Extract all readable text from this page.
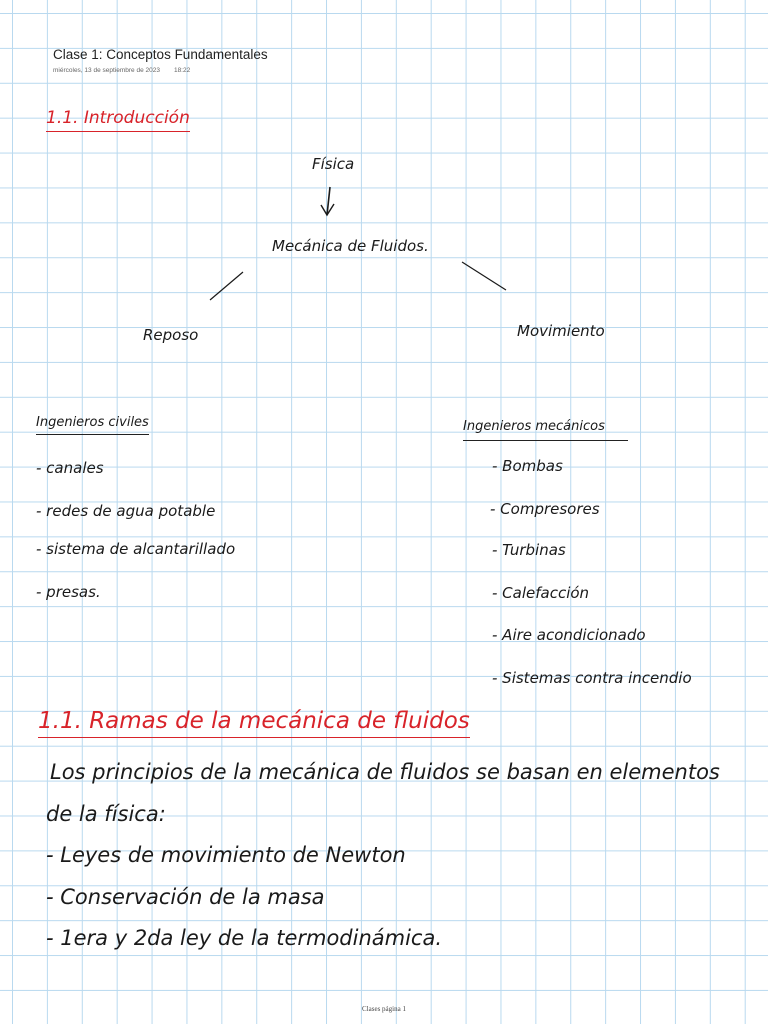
Clase 1: Conceptos Fundamentales
miércoles, 13 de septiembre de 2023 18:22
1.1. Introducción
Física
Mecánica de Fluidos.
Reposo	Movimiento
Ingenieros civiles
- canales
- redes de agua potable
- sistema de alcantarillado
- presas.
Ingenieros mecánicos
- Bombas
- Compresores
- Turbinas
- Calefacción
- Aire acondicionado
- Sistemas contra incendio
1.1. Ramas de la mecánica de fluidos
Los principios de la mecánica de fluidos se basan en elementos
de la física:
- Leyes de movimiento de Newton
- Conservación de la masa
- 1era y 2da ley de la termodinámica.
Clases página 1
